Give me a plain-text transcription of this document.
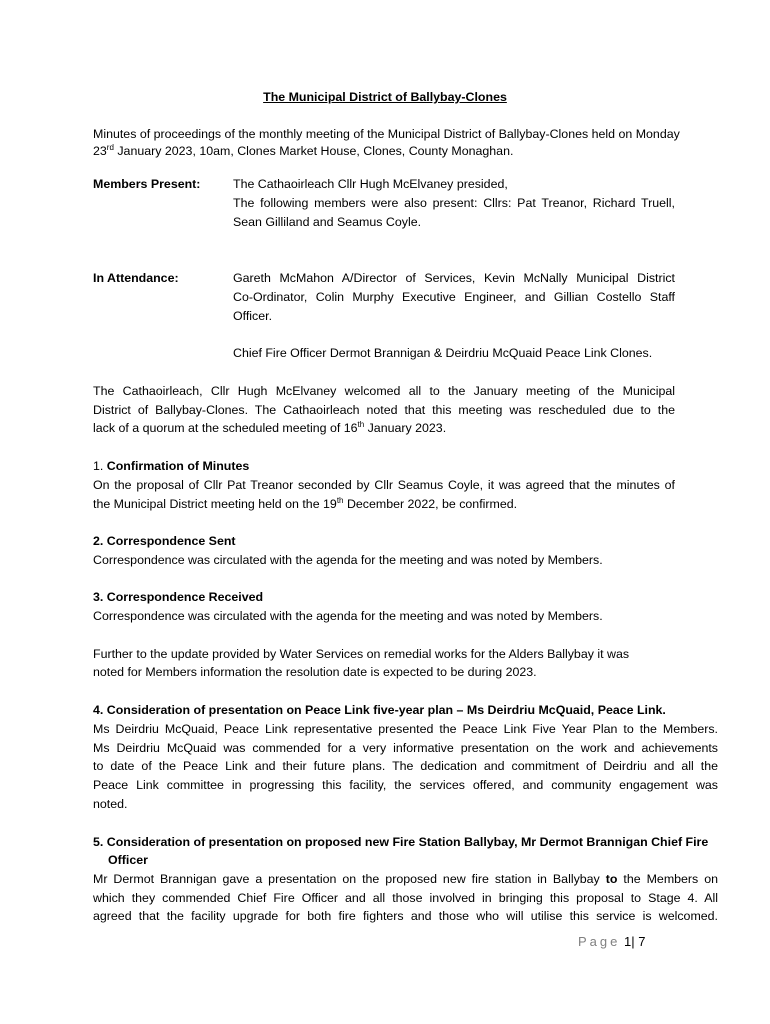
The Municipal District of Ballybay-Clones
Minutes of proceedings of the monthly meeting of the Municipal District of Ballybay-Clones held on Monday
23rd January 2023, 10am, Clones Market House, Clones, County Monaghan.
Members Present:	The Cathaoirleach Cllr Hugh McElvaney presided,
The following members were also present: Cllrs: Pat Treanor, Richard Truell,
Sean Gilliland and Seamus Coyle.
In Attendance:	Gareth McMahon A/Director of Services, Kevin McNally Municipal District
Co-Ordinator, Colin Murphy Executive Engineer, and Gillian Costello Staff
Officer.
Chief Fire Officer Dermot Brannigan & Deirdriu McQuaid Peace Link Clones.
The Cathaoirleach, Cllr Hugh McElvaney welcomed all to the January meeting of the Municipal
District of Ballybay-Clones. The Cathaoirleach noted that this meeting was rescheduled due to the
lack of a quorum at the scheduled meeting of 16th January 2023.
1. Confirmation of Minutes
On the proposal of Cllr Pat Treanor seconded by Cllr Seamus Coyle, it was agreed that the minutes of
the Municipal District meeting held on the 19th December 2022, be confirmed.
2. Correspondence Sent
Correspondence was circulated with the agenda for the meeting and was noted by Members.
3. Correspondence Received
Correspondence was circulated with the agenda for the meeting and was noted by Members.
Further to the update provided by Water Services on remedial works for the Alders Ballybay it was
noted for Members information the resolution date is expected to be during 2023.
4. Consideration of presentation on Peace Link five-year plan – Ms Deirdriu McQuaid, Peace Link.
Ms Deirdriu McQuaid, Peace Link representative presented the Peace Link Five Year Plan to the Members.
Ms Deirdriu McQuaid was commended for a very informative presentation on the work and achievements
to date of the Peace Link and their future plans. The dedication and commitment of Deirdriu and all the
Peace Link committee in progressing this facility, the services offered, and community engagement was
noted.
5. Consideration of presentation on proposed new Fire Station Ballybay, Mr Dermot Brannigan Chief Fire
Officer
Mr Dermot Brannigan gave a presentation on the proposed new fire station in Ballybay to the Members on
which they commended Chief Fire Officer and all those involved in bringing this proposal to Stage 4. All
agreed that the facility upgrade for both fire fighters and those who will utilise this service is welcomed.
Page 1| 7
